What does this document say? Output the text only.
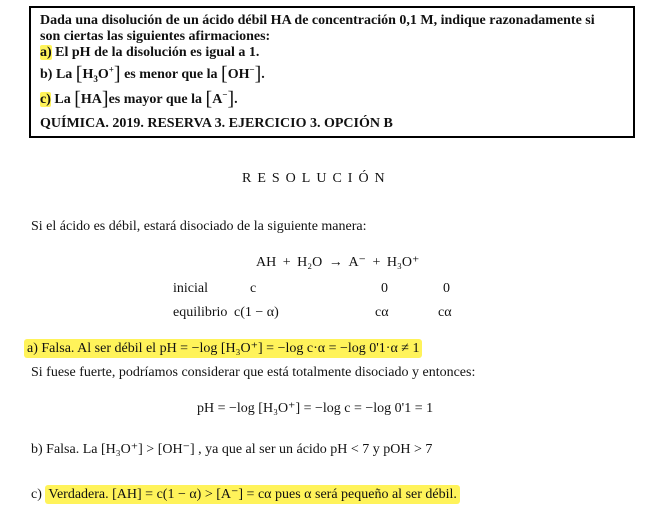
Dada una disolución de un ácido débil HA de concentración 0,1 M, indique razonadamente si
son ciertas las siguientes afirmaciones:
a) El pH de la disolución es igual a 1.
b) La $[H_3O^+]$ es menor que la [OH−].
c) La [HA]es mayor que la [A−].
QUÍMICA. 2019. RESERVA 3. EJERCICIO 3. OPCIÓN B
RESOLUCIÓN
Si el ácido es débil, estará disociado de la siguiente manera:
AH + H₂O → A⁻ + H₃O⁺
inicial	c	0	0
equilibrio c(1 − α)	cα	cα
a) Falsa. Al ser débil el pH = −log [H₃O⁺] = −log c·α = −log 0'1·α ≠ 1
Si fuese fuerte, podríamos considerar que está totalmente disociado y entonces:
pH = −log [H₃O⁺] = −log c = −log 0'1 = 1
b) Falsa. La [H₃O⁺] > [OH⁻] , ya que al ser un ácido pH < 7 y pOH > 7
c) Verdadera. [AH] = c(1 − α) > [A⁻] = cα pues α será pequeño al ser débil.
